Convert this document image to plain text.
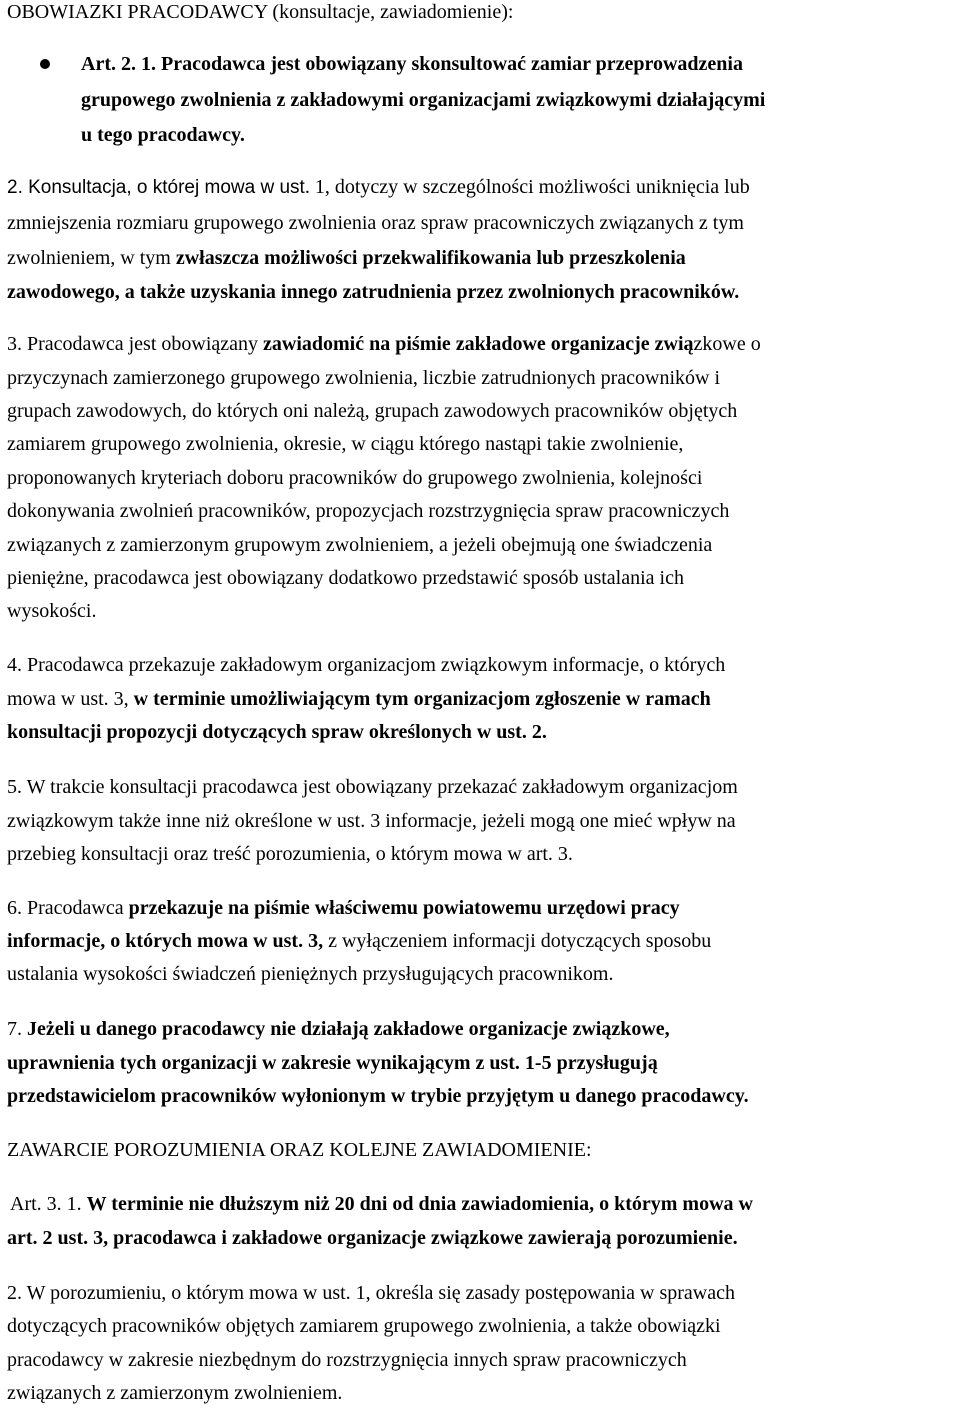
OBOWIAZKI PRACODAWCY (konsultacje, zawiadomienie):
Art. 2. 1. Pracodawca jest obowiązany skonsultować zamiar przeprowadzenia
grupowego zwolnienia z zakładowymi organizacjami związkowymi działającymi
u tego pracodawcy.
2. Konsultacja, o której mowa w ust. 1, dotyczy w szczególności możliwości uniknięcia lub
zmniejszenia rozmiaru grupowego zwolnienia oraz spraw pracowniczych związanych z tym
zwolnieniem, w tym zwłaszcza możliwości przekwalifikowania lub przeszkolenia
zawodowego, a także uzyskania innego zatrudnienia przez zwolnionych pracowników.
3. Pracodawca jest obowiązany zawiadomić na piśmie zakładowe organizacje związkowe o
przyczynach zamierzonego grupowego zwolnienia, liczbie zatrudnionych pracowników i
grupach zawodowych, do których oni należą, grupach zawodowych pracowników objętych
zamiarem grupowego zwolnienia, okresie, w ciągu którego nastąpi takie zwolnienie,
proponowanych kryteriach doboru pracowników do grupowego zwolnienia, kolejności
dokonywania zwolnień pracowników, propozycjach rozstrzygnięcia spraw pracowniczych
związanych z zamierzonym grupowym zwolnieniem, a jeżeli obejmują one świadczenia
pieniężne, pracodawca jest obowiązany dodatkowo przedstawić sposób ustalania ich
wysokości.
4. Pracodawca przekazuje zakładowym organizacjom związkowym informacje, o których
mowa w ust. 3, w terminie umożliwiającym tym organizacjom zgłoszenie w ramach
konsultacji propozycji dotyczących spraw określonych w ust. 2.
5. W trakcie konsultacji pracodawca jest obowiązany przekazać zakładowym organizacjom
związkowym także inne niż określone w ust. 3 informacje, jeżeli mogą one mieć wpływ na
przebieg konsultacji oraz treść porozumienia, o którym mowa w art. 3.
6. Pracodawca przekazuje na piśmie właściwemu powiatowemu urzędowi pracy
informacje, o których mowa w ust. 3, z wyłączeniem informacji dotyczących sposobu
ustalania wysokości świadczeń pieniężnych przysługujących pracownikom.
7. Jeżeli u danego pracodawcy nie działają zakładowe organizacje związkowe,
uprawnienia tych organizacji w zakresie wynikającym z ust. 1-5 przysługują
przedstawicielom pracowników wyłonionym w trybie przyjętym u danego pracodawcy.
ZAWARCIE POROZUMIENIA ORAZ KOLEJNE ZAWIADOMIENIE:
Art. 3. 1. W terminie nie dłuższym niż 20 dni od dnia zawiadomienia, o którym mowa w
art. 2 ust. 3, pracodawca i zakładowe organizacje związkowe zawierają porozumienie.
2. W porozumieniu, o którym mowa w ust. 1, określa się zasady postępowania w sprawach
dotyczących pracowników objętych zamiarem grupowego zwolnienia, a także obowiązki
pracodawcy w zakresie niezbędnym do rozstrzygnięcia innych spraw pracowniczych
związanych z zamierzonym zwolnieniem.
